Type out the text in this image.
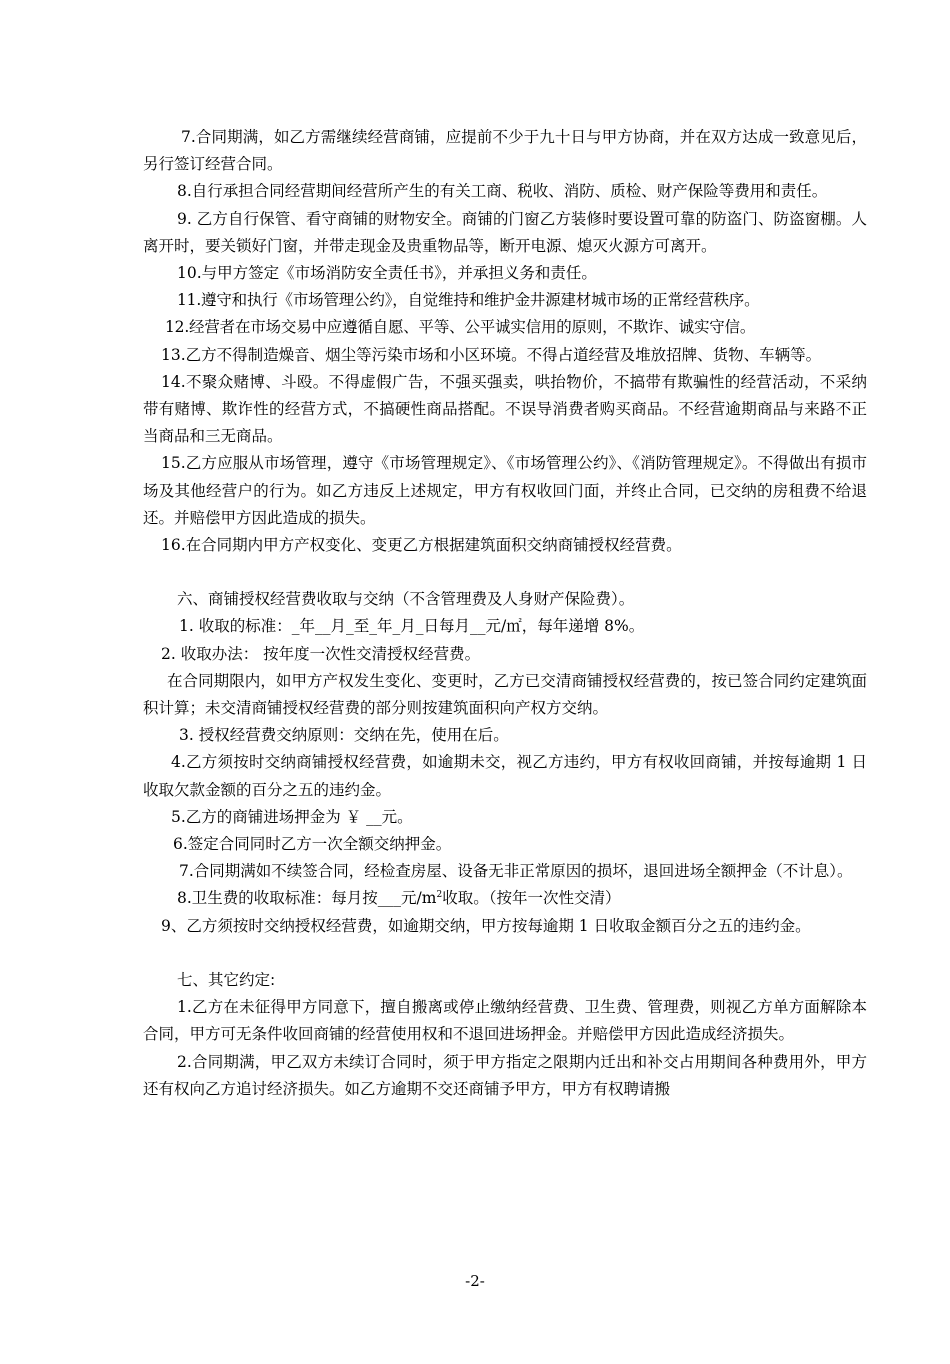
7.合同期满，如乙方需继续经营商铺，应提前不少于九十日与甲方协商，并在双方达成一致意见后，另行签订经营合同。

8.自行承担合同经营期间经营所产生的有关工商、税收、消防、质检、财产保险等费用和责任。

9. 乙方自行保管、看守商铺的财物安全。商铺的门窗乙方装修时要设置可靠的防盗门、防盗窗棚。人离开时，要关锁好门窗，并带走现金及贵重物品等，断开电源、熄灭火源方可离开。

10.与甲方签定《市场消防安全责任书》，并承担义务和责任。

11.遵守和执行《市场管理公约》，自觉维持和维护金井源建材城市场的正常经营秩序。

12.经营者在市场交易中应遵循自愿、平等、公平诚实信用的原则，不欺诈、诚实守信。

13.乙方不得制造燥音、烟尘等污染市场和小区环境。不得占道经营及堆放招牌、货物、车辆等。

14.不聚众赌博、斗殴。不得虚假广告，不强买强卖，哄抬物价，不搞带有欺骗性的经营活动，不采纳带有赌博、欺诈性的经营方式，不搞硬性商品搭配。不误导消费者购买商品。不经营逾期商品与来路不正当商品和三无商品。

15.乙方应服从市场管理，遵守《市场管理规定》、《市场管理公约》、《消防管理规定》。不得做出有损市场及其他经营户的行为。如乙方违反上述规定，甲方有权收回门面，并终止合同，已交纳的房租费不给退还。并赔偿甲方因此造成的损失。

16.在合同期内甲方产权变化、变更乙方根据建筑面积交纳商铺授权经营费。

六、商铺授权经营费收取与交纳（不含管理费及人身财产保险费）。

1. 收取的标准：_年__月_至_年_月_日每月__元/㎡，每年递增 8%。

2. 收取办法： 按年度一次性交清授权经营费。

在合同期限内，如甲方产权发生变化、变更时，乙方已交清商铺授权经营费的，按已签合同约定建筑面积计算；未交清商铺授权经营费的部分则按建筑面积向产权方交纳。

3. 授权经营费交纳原则：交纳在先，使用在后。

4.乙方须按时交纳商铺授权经营费，如逾期未交，视乙方违约，甲方有权收回商铺，并按每逾期 1 日收取欠款金额的百分之五的违约金。

5.乙方的商铺进场押金为 ￥ __元。

6.签定合同同时乙方一次全额交纳押金。

7.合同期满如不续签合同，经检查房屋、设备无非正常原因的损坏，退回进场全额押金（不计息）。

8.卫生费的收取标准：每月按___元$/m^2$收取。（按年一次性交清）

9、乙方须按时交纳授权经营费，如逾期交纳，甲方按每逾期 1 日收取金额百分之五的违约金。

七、其它约定:

1.乙方在未征得甲方同意下，擅自搬离或停止缴纳经营费、卫生费、管理费，则视乙方单方面解除本合同，甲方可无条件收回商铺的经营使用权和不退回进场押金。并赔偿甲方因此造成经济损失。

2.合同期满，甲乙双方未续订合同时，须于甲方指定之限期内迁出和补交占用期间各种费用外，甲方还有权向乙方追讨经济损失。如乙方逾期不交还商铺予甲方，甲方有权聘请搬

-2-
